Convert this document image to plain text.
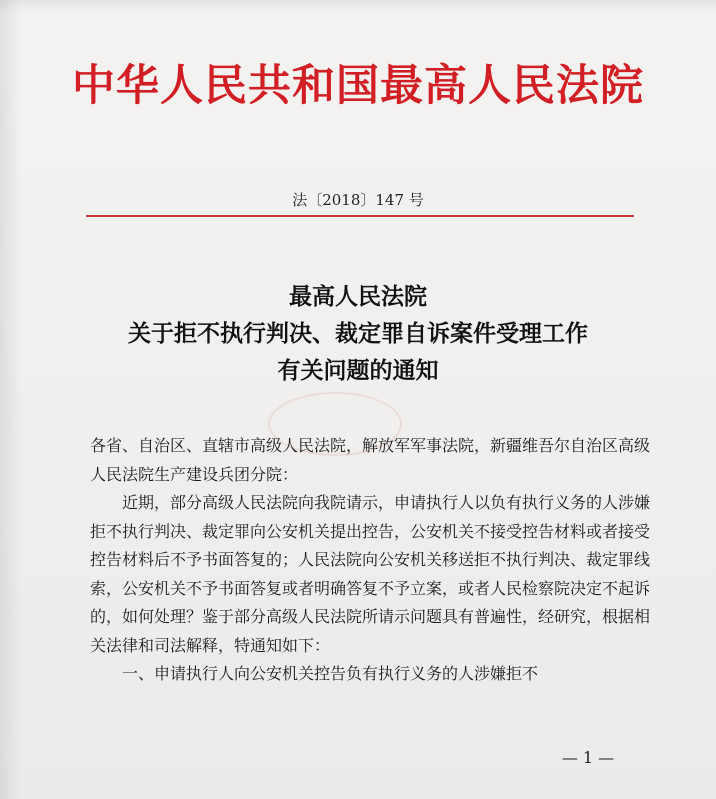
中华人民共和国最高人民法院
法〔2018〕147 号
最高人民法院
关于拒不执行判决、裁定罪自诉案件受理工作
有关问题的通知

各省、自治区、直辖市高级人民法院，解放军军事法院，新疆维吾尔自治区高级人民法院生产建设兵团分院：

近期，部分高级人民法院向我院请示，申请执行人以负有执行义务的人涉嫌拒不执行判决、裁定罪向公安机关提出控告，公安机关不接受控告材料或者接受控告材料后不予书面答复的；人民法院向公安机关移送拒不执行判决、裁定罪线索，公安机关不予书面答复或者明确答复不予立案，或者人民检察院决定不起诉的，如何处理？鉴于部分高级人民法院所请示问题具有普遍性，经研究，根据相关法律和司法解释，特通知如下：

一、申请执行人向公安机关控告负有执行义务的人涉嫌拒不

— 1 —
